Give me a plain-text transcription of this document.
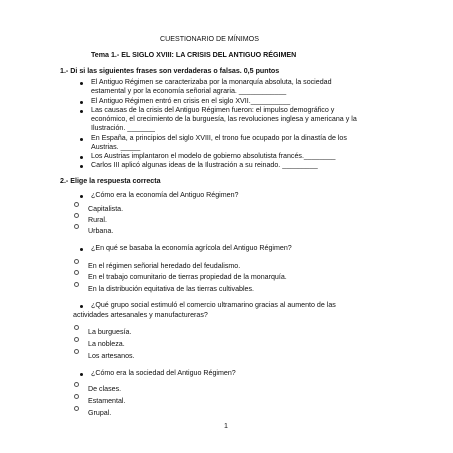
CUESTIONARIO DE MÍNIMOS
Tema 1.- EL SIGLO XVIII: LA CRISIS DEL ANTIGUO RÉGIMEN
1.- Di si las siguientes frases son verdaderas o falsas. 0,5 puntos
El Antiguo Régimen se caracterizaba por la monarquía absoluta, la sociedad
estamental y por la economía señorial agraria. ____________
El Antiguo Régimen entró en crisis en el siglo XVII.__________
Las causas de la crisis del Antiguo Régimen fueron: el impulso demográfico y
económico, el crecimiento de la burguesía, las revoluciones inglesa y americana y la
Ilustración. _______
En España, a principios del siglo XVIII, el trono fue ocupado por la dinastía de los
Austrias. _____
Los Austrias implantaron el modelo de gobierno absolutista francés.________
Carlos III aplicó algunas ideas de la Ilustración a su reinado. _________
2.- Elige la respuesta correcta
¿Cómo era la economía del Antiguo Régimen?
Capitalista.
Rural.
Urbana.
¿En qué se basaba la economía agrícola del Antiguo Régimen?
En el régimen señorial heredado del feudalismo.
En el trabajo comunitario de tierras propiedad de la monarquía.
En la distribución equitativa de las tierras cultivables.
¿Qué grupo social estimuló el comercio ultramarino gracias al aumento de las
actividades artesanales y manufactureras?
La burguesía.
La nobleza.
Los artesanos.
¿Cómo era la sociedad del Antiguo Régimen?
De clases.
Estamental.
Grupal.
1
